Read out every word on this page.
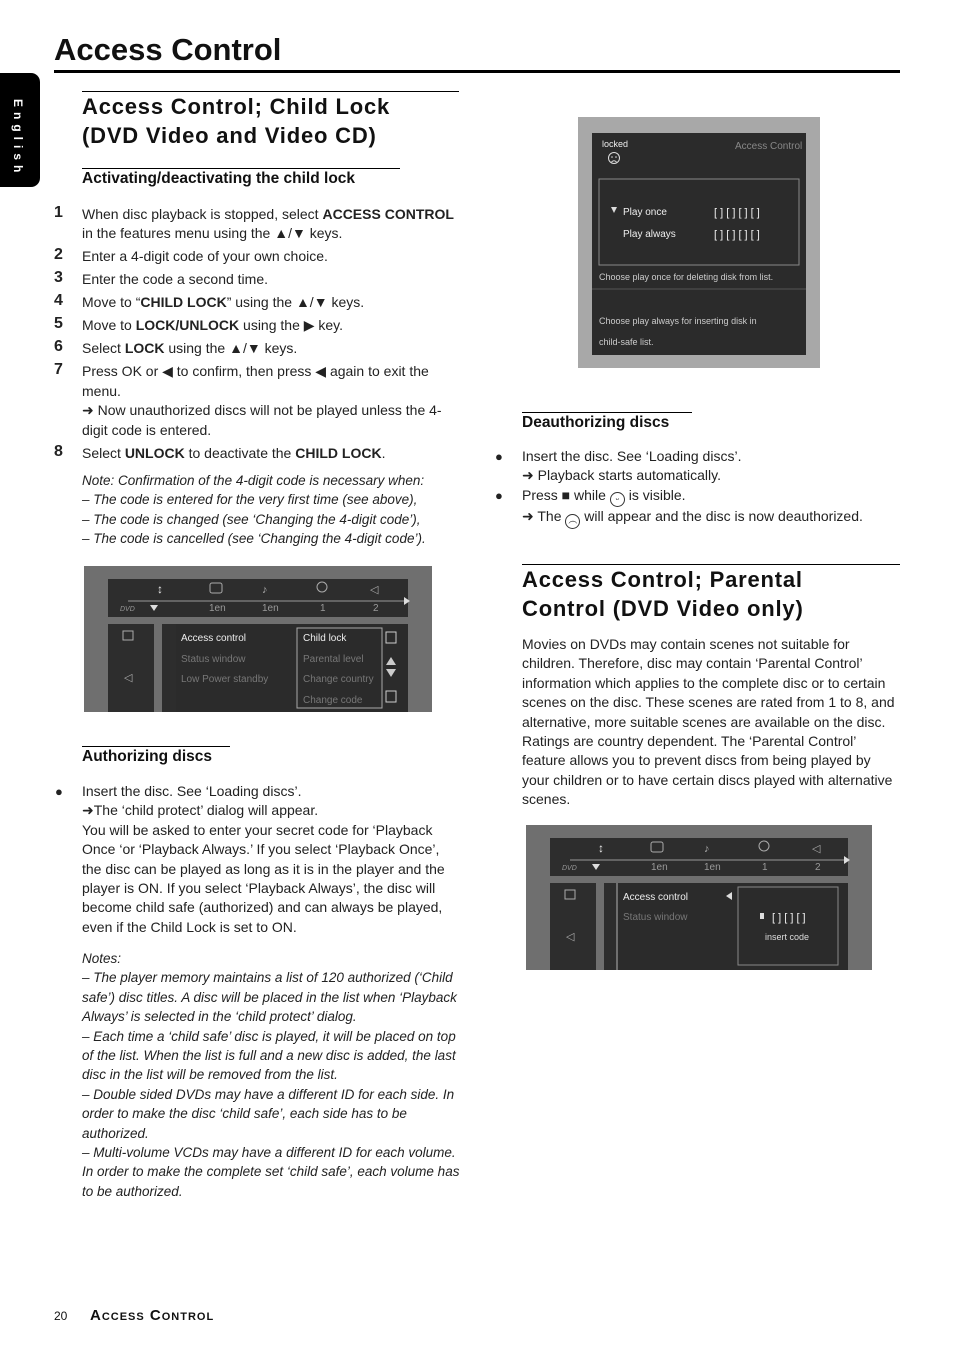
Access Control
English	Access Control; Child Lock
(DVD Video and Video CD)
Activating/deactivating the child lock
1 When disc playback is stopped, select ACCESS CONTROL in the features menu using the ▲/▼ keys.
2 Enter a 4-digit code of your own choice.
3 Enter the code a second time.
4 Move to “CHILD LOCK” using the ▲/▼ keys.
5 Move to LOCK/UNLOCK using the ▶ key.
6 Select LOCK using the ▲/▼ keys.
7 Press OK or ◀ to confirm, then press ◀ again to exit the menu.
➜ Now unauthorized discs will not be played unless the 4-digit code is entered.
8 Select UNLOCK to deactivate the CHILD LOCK.

Note: Confirmation of the 4-digit code is necessary when:

– The code is entered for the very first time (see above),

– The code is changed (see ‘Changing the 4-digit code’),

– The code is cancelled (see ‘Changing the 4-digit code’).

↕	♪	◁
DVD	1en	1en	1	2
◁
Access control
Status window
Low Power standby
Child lock
Parental level
Change country
Change code
Authorizing discs

● Insert the disc. See ‘Loading discs’.

➜The ‘child protect’ dialog will appear.

You will be asked to enter your secret code for ‘Playback Once ‘or ‘Playback Always.’ If you select ‘Playback Once’, the disc can be played as long as it is in the player and the player is ON. If you select ‘Playback Always’, the disc will become child safe (authorized) and can always be played, even if the Child Lock is set to ON.

Notes:

– The player memory maintains a list of 120 authorized (‘Child safe’) disc titles. A disc will be placed in the list when ‘Playback Always’ is selected in the ‘child protect’ dialog.

– Each time a ‘child safe’ disc is played, it will be placed on top of the list. When the list is full and a new disc is added, the last disc in the list will be removed from the list.

– Double sided DVDs may have a different ID for each side. In order to make the disc ‘child safe’, each side has to be authorized.

– Multi-volume VCDs may have a different ID for each volume. In order to make the complete set ‘child safe’, each volume has to be authorized.

locked	Access Control
Play once	[ ] [ ] [ ] [ ]
Play always	[ ] [ ] [ ] [ ]
Choose play once for deleting disk from list.
Choose play always for inserting disk in
child-safe list.
Deauthorizing discs

● Insert the disc. See ‘Loading discs’.

➜ Playback starts automatically.

● Press ■ while ᵕ is visible.

➜ The ︵ will appear and the disc is now deauthorized.

Access Control; Parental
Control (DVD Video only)

Movies on DVDs may contain scenes not suitable for children. Therefore, disc may contain ‘Parental Control’ information which applies to the complete disc or to certain scenes on the disc. These scenes are rated from 1 to 8, and alternative, more suitable scenes are available on the disc. Ratings are country dependent. The ‘Parental Control’ feature allows you to prevent discs from being played by your children or to have certain discs played with alternative scenes.

↕	♪	◁
DVD	1en	1en	1	2
◁
Access control
Status window	[ ] [ ] [ ]
insert code
20 Access Control
